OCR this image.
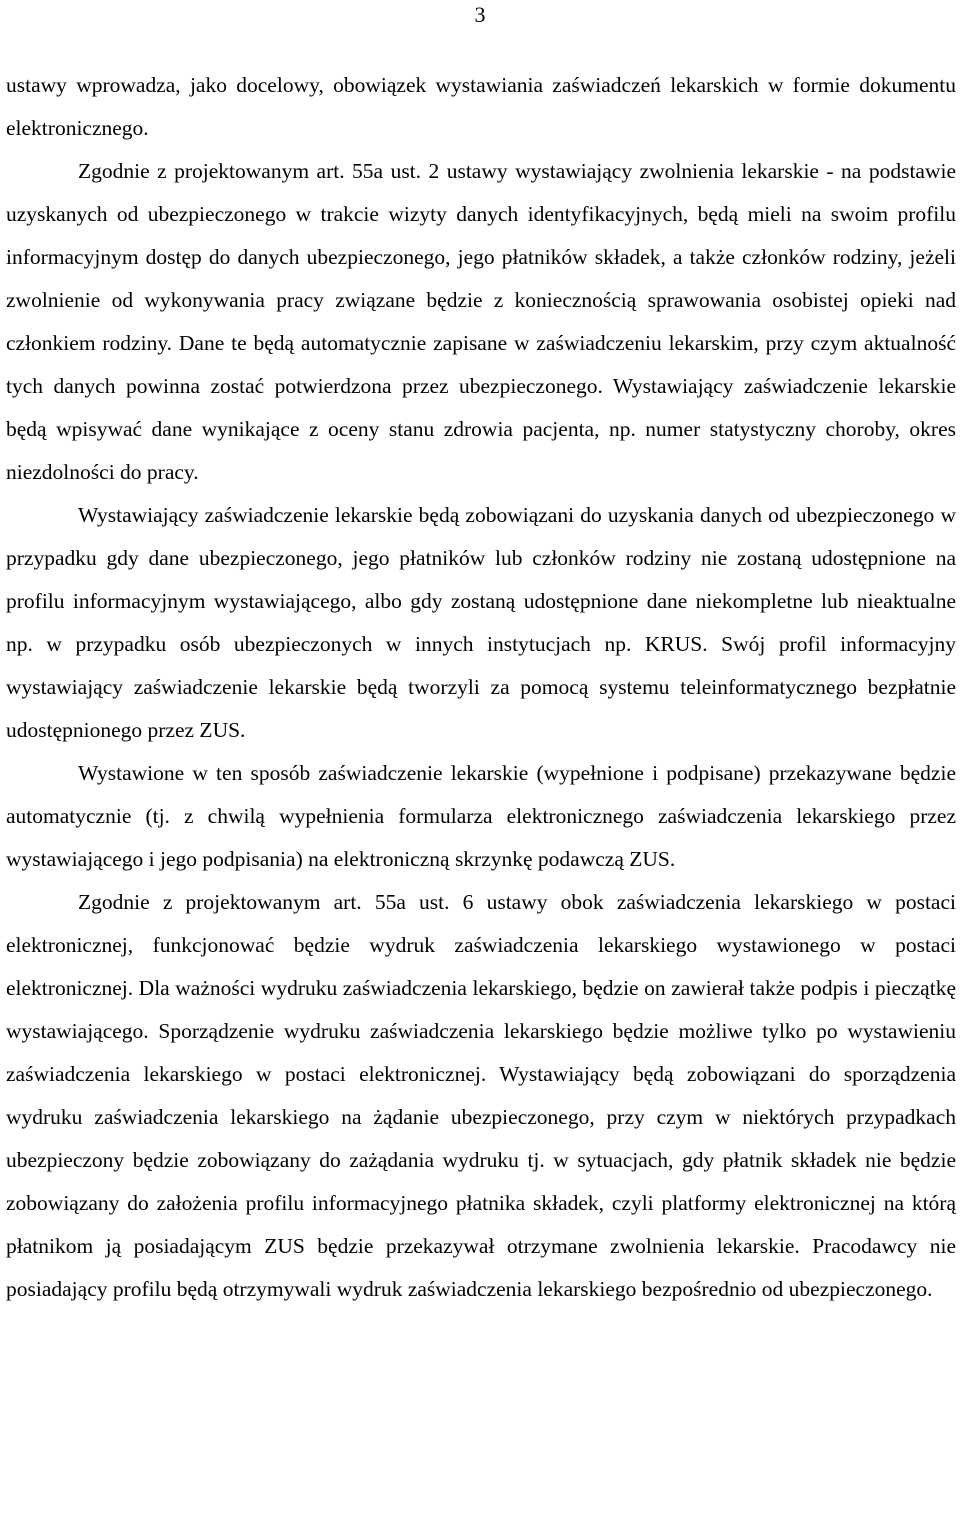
3

ustawy wprowadza, jako docelowy, obowiązek wystawiania zaświadczeń lekarskich w formie dokumentu elektronicznego.

Zgodnie z projektowanym art. 55a ust. 2 ustawy wystawiający zwolnienia lekarskie - na podstawie uzyskanych od ubezpieczonego w trakcie wizyty danych identyfikacyjnych, będą mieli na swoim profilu informacyjnym dostęp do danych ubezpieczonego, jego płatników składek, a także członków rodziny, jeżeli zwolnienie od wykonywania pracy związane będzie z koniecznością sprawowania osobistej opieki nad członkiem rodziny. Dane te będą automatycznie zapisane w zaświadczeniu lekarskim, przy czym aktualność tych danych powinna zostać potwierdzona przez ubezpieczonego. Wystawiający zaświadczenie lekarskie będą wpisywać dane wynikające z oceny stanu zdrowia pacjenta, np. numer statystyczny choroby, okres niezdolności do pracy.

Wystawiający zaświadczenie lekarskie będą zobowiązani do uzyskania danych od ubezpieczonego w przypadku gdy dane ubezpieczonego, jego płatników lub członków rodziny nie zostaną udostępnione na profilu informacyjnym wystawiającego, albo gdy zostaną udostępnione dane niekompletne lub nieaktualne np. w przypadku osób ubezpieczonych w innych instytucjach np. KRUS. Swój profil informacyjny wystawiający zaświadczenie lekarskie będą tworzyli za pomocą systemu teleinformatycznego bezpłatnie udostępnionego przez ZUS.

Wystawione w ten sposób zaświadczenie lekarskie (wypełnione i podpisane) przekazywane będzie automatycznie (tj. z chwilą wypełnienia formularza elektronicznego zaświadczenia lekarskiego przez wystawiającego i jego podpisania) na elektroniczną skrzynkę podawczą ZUS.

Zgodnie z projektowanym art. 55a ust. 6 ustawy obok zaświadczenia lekarskiego w postaci elektronicznej, funkcjonować będzie wydruk zaświadczenia lekarskiego wystawionego w postaci elektronicznej. Dla ważności wydruku zaświadczenia lekarskiego, będzie on zawierał także podpis i pieczątkę wystawiającego. Sporządzenie wydruku zaświadczenia lekarskiego będzie możliwe tylko po wystawieniu zaświadczenia lekarskiego w postaci elektronicznej. Wystawiający będą zobowiązani do sporządzenia wydruku zaświadczenia lekarskiego na żądanie ubezpieczonego, przy czym w niektórych przypadkach ubezpieczony będzie zobowiązany do zażądania wydruku tj. w sytuacjach, gdy płatnik składek nie będzie zobowiązany do założenia profilu informacyjnego płatnika składek, czyli platformy elektronicznej na którą płatnikom ją posiadającym ZUS będzie przekazywał otrzymane zwolnienia lekarskie. Pracodawcy nie posiadający profilu będą otrzymywali wydruk zaświadczenia lekarskiego bezpośrednio od ubezpieczonego.
